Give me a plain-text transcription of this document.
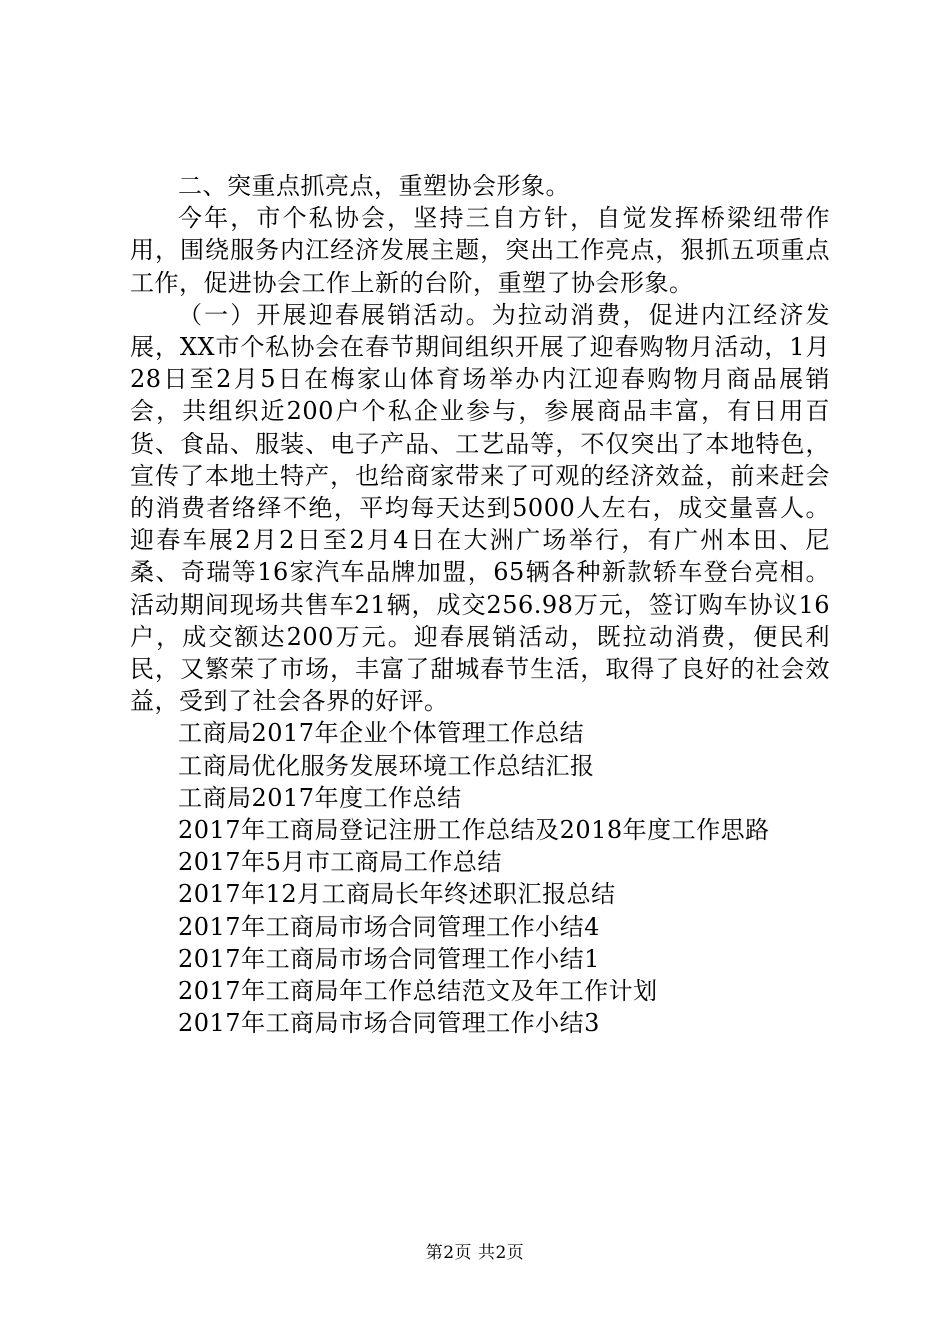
二、突重点抓亮点，重塑协会形象。

今年，市个私协会，坚持三自方针，自觉发挥桥梁纽带作用，围绕服务内江经济发展主题，突出工作亮点，狠抓五项重点工作，促进协会工作上新的台阶，重塑了协会形象。

（一）开展迎春展销活动。为拉动消费，促进内江经济发展，XX市个私协会在春节期间组织开展了迎春购物月活动，1月28日至2月5日在梅家山体育场举办内江迎春购物月商品展销会，共组织近200户个私企业参与，参展商品丰富，有日用百货、食品、服装、电子产品、工艺品等，不仅突出了本地特色，宣传了本地土特产，也给商家带来了可观的经济效益，前来赶会的消费者络绎不绝，平均每天达到5000人左右，成交量喜人。迎春车展2月2日至2月4日在大洲广场举行，有广州本田、尼桑、奇瑞等16家汽车品牌加盟，65辆各种新款轿车登台亮相。活动期间现场共售车21辆，成交256.98万元，签订购车协议16户，成交额达200万元。迎春展销活动，既拉动消费，便民利民，又繁荣了市场，丰富了甜城春节生活，取得了良好的社会效益，受到了社会各界的好评。

工商局2017年企业个体管理工作总结
工商局优化服务发展环境工作总结汇报
工商局2017年度工作总结
2017年工商局登记注册工作总结及2018年度工作思路
2017年5月市工商局工作总结
2017年12月工商局长年终述职汇报总结
2017年工商局市场合同管理工作小结4
2017年工商局市场合同管理工作小结1
2017年工商局年工作总结范文及年工作计划
2017年工商局市场合同管理工作小结3
第2页 共2页
